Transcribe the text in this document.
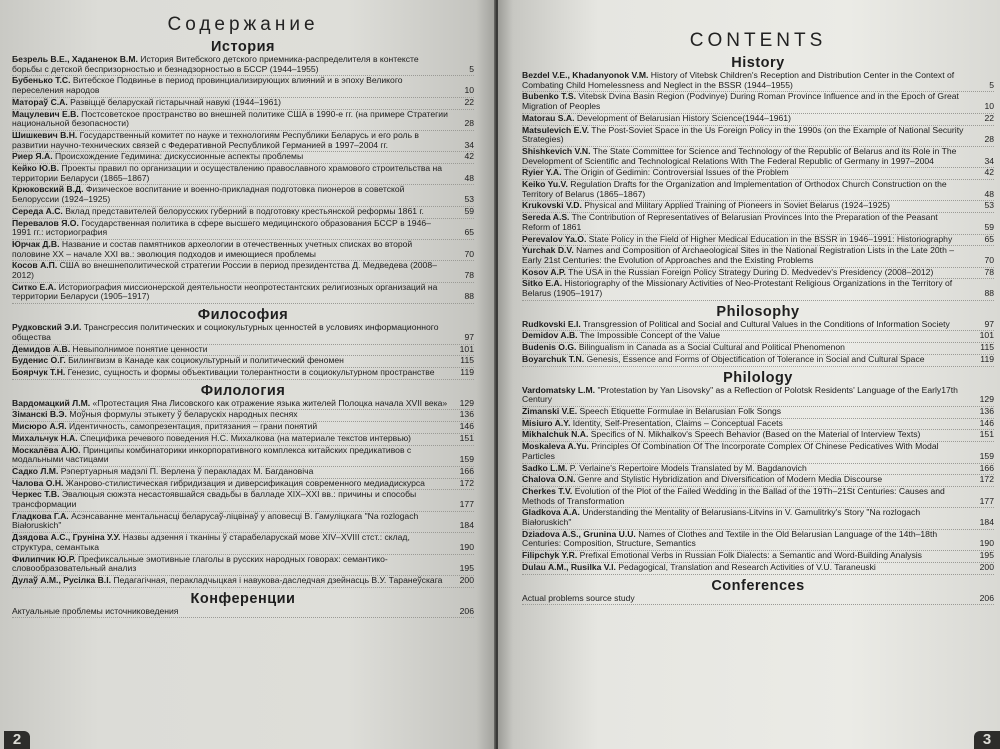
Содержание
История
Безрель В.Е., Хаданенок В.М. История Витебского детского приемника-распределителя в контексте борьбы с детской беспризорностью и безнадзорностью в БССР (1944–1955)	5
Бубенько Т.С. Витебское Подвинье в период провинциализирующих влияний и в эпоху Великого переселения народов	10
Маторaў С.А. Развіццё беларускай гістарычнай навукі (1944–1961)	22
Мацулевич Е.В. Постсоветское пространство во внешней политике США в 1990-е гг. (на примере Стратегии национальной безопасности)	28
Шишкевич В.Н. Государственный комитет по науке и технологиям Республики Беларусь и его роль в развитии научно-технических связей с Федеративной Республикой Германией в 1997–2004 гг.	34
Риер Я.А. Происхождение Гедимина: дискуссионные аспекты проблемы	42
Кейко Ю.В. Проекты правил по организации и осуществлению православного храмового строительства на территории Беларуси (1865–1867)	48
Крюковский В.Д. Физическое воспитание и военно-прикладная подготовка пионеров в советской Белоруссии (1924–1925)	53
Середа А.С. Вклад представителей белорусских губерний в подготовку крестьянской реформы 1861 г.	59
Перевалов Я.О. Государственная политика в сфере высшего медицинского образования БССР в 1946–1991 гг.: историография	65
Юрчак Д.В. Название и состав памятников археологии в отечественных учетных списках во второй половине XX – начале XXI вв.: эволюция подходов и имеющиеся проблемы	70
Косов А.П. США во внешнеполитической стратегии России в период президентства Д. Медведева (2008–2012)	78
Ситко Е.А. Историография миссионерской деятельности неопротестантских религиозных организаций на территории Беларуси (1905–1917)	88
Философия
Рудковский Э.И. Трансгрессия политических и социокультурных ценностей в условиях информационного общества	97
Демидов А.В. Невыполнимое понятие ценности	101
Буденис О.Г. Билингвизм в Канаде как социокультурный и политический феномен	115
Бояpчук Т.Н. Генезис, сущность и формы объективации толерантности в социокультурном пространстве	119
Филология
Вардомацкий Л.М. «Протестация Яна Лисовского как отражение языка жителей Полоцка начала XVII века» 129
Зіманскі В.Э. Моўныя формулы этыкету ў беларускіх народных песнях	136
Мисюро А.Я. Идентичность, самопрезентация, притязания – грани понятий	146
Михальчук Н.А. Специфика речевого поведения Н.С. Михалкова (на материале текстов интервью)	151
Москалёва А.Ю. Принципы комбинаторики инкорпоративного комплекса китайских предикативов с модальными частицами	159
Садко Л.М. Рэпертуарныя мадэлі П. Верлена ў перакладах М. Багдановіча	166
Чалова О.Н. Жанрово-стилистическая гибридизация и диверсификация современного медиадискурса	172
Черкес Т.В. Эвалюцыя сюжэта несастоявшайся свадьбы в балладе XIX–XXI вв.: причины и способы трансформации	177
Гладкова Г.А. Асэнсаванне ментальнасці беларусаў-ліцвінаў у аповесці В. Гамуліцкага "Na rozlogach Białoruskich"	184
Дзядова А.С., Груніна У.У. Назвы адзення і тканіны ў старабеларускай мове XIV–XVIII стст.: склад, структура, семантыка	190
Филипчик Ю.Р. Префиксальные эмотивные глаголы в русских народных говорах: семантико-словообразовательный анализ	195
Дулаў А.М., Русілка В.І. Педагагічная, перакладчыцкая і навукова-даследчая дзейнасць В.У. Таранеўскага 200
Конференции
Актуальные проблемы источниковедения	206
2
CONTENTS
History
Bezdel V.E., Khadanyonok V.M. History of Vitebsk Children's Reception and Distribution Center in the Context of Combating Child Homelessness and Neglect in the BSSR (1944–1955)	5
Bubenko T.S. Vitebsk Dvina Basin Region (Podvinye) During Roman Province Influence and in the Epoch of Great Migration of Peoples	10
Matorau S.A. Development of Belarusian History Science(1944–1961)	22
Matsulevich E.V. The Post-Soviet Space in the Us Foreign Policy in the 1990s (on the Example of National Security Strategies)	28
Shishkevich V.N. The State Committee for Science and Technology of the Republic of Belarus and its Role in The Development of Scientific and Technological Relations With The Federal Republic of Germany in 1997–2004	34
Ryier Y.A. The Origin of Gedimin: Controversial Issues of the Problem	42
Keiko Yu.V. Regulation Drafts for the Organization and Implementation of Orthodox Church Construction on the Territory of Belarus (1865–1867)	48
Krukovski V.D. Physical and Military Applied Training of Pioneers in Soviet Belarus (1924–1925)	53
Sereda A.S. The Contribution of Representatives of Belarusian Provinces Into the Preparation of the Peasant Reform of 1861	59
Perevalov Ya.O. State Policy in the Field of Higher Medical Education in the BSSR in 1946–1991: Historiography	65
Yurchak D.V. Names and Composition of Archaeological Sites in the National Registration Lists in the Late 20th – Early 21st Centuries: the Evolution of Approaches and the Existing Problems	70
Kosov A.P. The USA in the Russian Foreign Policy Strategy During D. Medvedev's Presidency (2008–2012)	78
Sitko E.A. Historiography of the Missionary Activities of Neo-Protestant Religious Organizations in the Territory of Belarus (1905–1917)	88
Philosophy
Rudkovski E.I. Transgression of Political and Social and Cultural Values in the Conditions of Information Society	97
Demidov A.B. The Impossible Concept of the Value	101
Budenis O.G. Bilingualism in Canada as a Social Cultural and Political Phenomenon	115
Boyarchuk T.N. Genesis, Essence and Forms of Objectification of Tolerance in Social and Cultural Space	119
Philology
Vardomatsky L.M. "Protestation by Yan Lisovsky" as a Reflection of Polotsk Residents' Language of the Early17th Century	129
Zimanski V.E. Speech Etiquette Formulae in Belarusian Folk Songs	136
Misiuro A.Y. Identity, Self-Presentation, Claims – Conceptual Facets	146
Mikhalchuk N.A. Specifics of N. Mikhalkov's Speech Behavior (Based on the Material of Interview Texts)	151
Moskaleva A.Yu. Principles Of Combination Of The Incorporate Complex Of Chinese Pedicatives With Modal Particles	159
Sadko L.M. P. Verlaine's Repertoire Models Translated by M. Bagdanovich	166
Chalova O.N. Genre and Stylistic Hybridization and Diversification of Modern Media Discourse	172
Cherkes T.V. Evolution of the Plot of the Failed Wedding in the Ballad of the 19Th–21St Centuries: Causes and Methods of Transformation	177
Gladkova A.A. Understanding the Mentality of Belarusians-Litvins in V. Gamulitrky's Story "Na rozlogach Białoruskich"	184
Dziadova A.S., Grunina U.U. Names of Clothes and Textile in the Old Belarusian Language of the 14th–18th Centuries: Composition, Structure, Semantics	190
Filipchyk Y.R. Prefixal Emotional Verbs in Russian Folk Dialects: a Semantic and Word-Building Analysis	195
Dulau A.M., Rusilka V.I. Pedagogical, Translation and Research Activities of V.U. Taraneuski	200
Conferences
Actual problems source study	206
3
